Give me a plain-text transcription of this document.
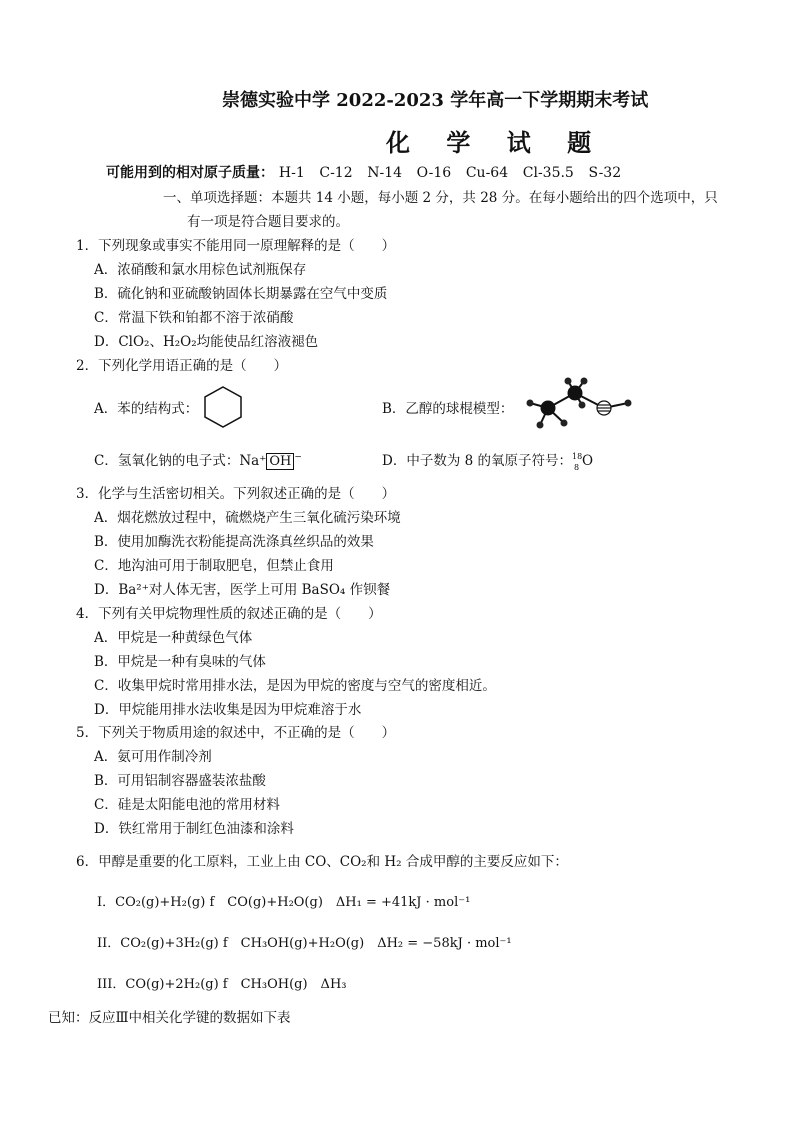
崇德实验中学 2022-2023 学年高一下学期期末考试
化 学 试 题
可能用到的相对原子质量： H-1 C-12 N-14 O-16 Cu-64 Cl-35.5 S-32
一、单项选择题：本题共 14 小题，每小题 2 分，共 28 分。在每小题给出的四个选项中，只
有一项是符合题目要求的。
1．下列现象或事实不能用同一原理解释的是（　　）
A．浓硝酸和氯水用棕色试剂瓶保存
B．硫化钠和亚硫酸钠固体长期暴露在空气中变质
C．常温下铁和铂都不溶于浓硝酸
D．ClO₂、H₂O₂均能使品红溶液褪色
2．下列化学用语正确的是（　　）
A．苯的结构式：	B．乙醇的球棍模型：
C．氢氧化钠的电子式：Na⁺ OH −	D．中子数为 8 的氧原子符号： 18
8 O
3．化学与生活密切相关。下列叙述正确的是（　　）
A．烟花燃放过程中，硫燃烧产生三氧化硫污染环境
B．使用加酶洗衣粉能提高洗涤真丝织品的效果
C．地沟油可用于制取肥皂，但禁止食用
D．Ba²⁺对人体无害，医学上可用 BaSO₄ 作钡餐
4．下列有关甲烷物理性质的叙述正确的是（　　）
A．甲烷是一种黄绿色气体
B．甲烷是一种有臭味的气体
C．收集甲烷时常用排水法，是因为甲烷的密度与空气的密度相近。
D．甲烷能用排水法收集是因为甲烷难溶于水
5．下列关于物质用途的叙述中，不正确的是（　　）
A．氨可用作制冷剂
B．可用铝制容器盛装浓盐酸
C．硅是太阳能电池的常用材料
D．铁红常用于制红色油漆和涂料
6．甲醇是重要的化工原料，工业上由 CO、CO₂和 H₂ 合成甲醇的主要反应如下：
I．CO₂(g)+H₂(g) f　CO(g)+H₂O(g)　ΔH₁ = +41kJ · mol⁻¹
II．CO₂(g)+3H₂(g) f　CH₃OH(g)+H₂O(g)　ΔH₂ = −58kJ · mol⁻¹
III．CO(g)+2H₂(g) f　CH₃OH(g)　ΔH₃
已知：反应Ⅲ中相关化学键的数据如下表
